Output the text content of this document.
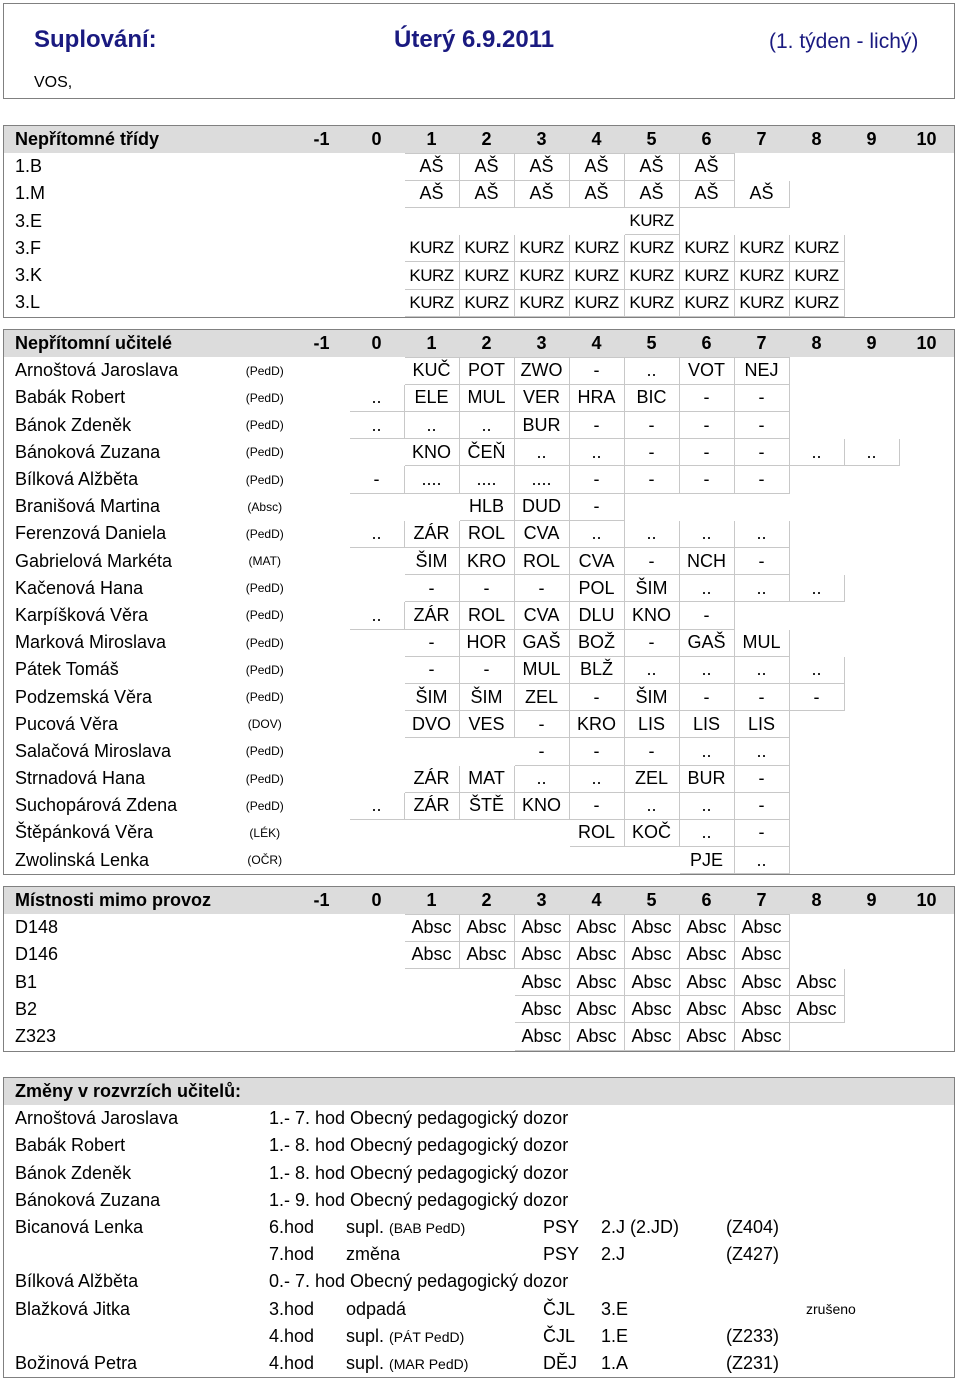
Suplování:	Úterý 6.9.2011	(1. týden - lichý)
VOS,
Nepřítomné třídy	-1	0	1	2	3	4	5	6	7	8	9	10
1.B			AŠ	AŠ	AŠ	AŠ	AŠ	AŠ				
1.M			AŠ	AŠ	AŠ	AŠ	AŠ	AŠ	AŠ			
3.E							KURZ					
3.F			KURZ	KURZ	KURZ	KURZ	KURZ	KURZ	KURZ	KURZ		
3.K			KURZ	KURZ	KURZ	KURZ	KURZ	KURZ	KURZ	KURZ		
3.L			KURZ	KURZ	KURZ	KURZ	KURZ	KURZ	KURZ	KURZ		
Nepřítomní učitelé		-1	0	1	2	3	4	5	6	7	8	9	10
Arnoštová Jaroslava	(PedD)			KUČ	POT	ZWO	-	..	VOT	NEJ			
Babák Robert	(PedD)		..	ELE	MUL	VER	HRA	BIC	-	-			
Bánok Zdeněk	(PedD)		..	..	..	BUR	-	-	-	-			
Bánoková Zuzana	(PedD)			KNO	ČEŇ	..	..	-	-	-	..	..	
Bílková Alžběta	(PedD)		-	....	....	....	-	-	-	-			
Branišová Martina	(Absc)				HLB	DUD	-						
Ferenzová Daniela	(PedD)		..	ZÁR	ROL	CVA	..	..	..	..			
Gabrielová Markéta	(MAT)			ŠIM	KRO	ROL	CVA	-	NCH	-			
Kačenová Hana	(PedD)			-	-	-	POL	ŠIM	..	..	..		
Karpíšková Věra	(PedD)		..	ZÁR	ROL	CVA	DLU	KNO	-				
Marková Miroslava	(PedD)			-	HOR	GAŠ	BOŽ	-	GAŠ	MUL			
Pátek Tomáš	(PedD)			-	-	MUL	BLŽ	..	..	..	..		
Podzemská Věra	(PedD)			ŠIM	ŠIM	ZEL	-	ŠIM	-	-	-		
Pucová Věra	(DOV)			DVO	VES	-	KRO	LIS	LIS	LIS			
Salačová Miroslava	(PedD)					-	-	-	..	..			
Strnadová Hana	(PedD)			ZÁR	MAT	..	..	ZEL	BUR	-			
Suchopárová Zdena	(PedD)		..	ZÁR	ŠTĚ	KNO	-	..	..	-			
Štěpánková Věra	(LÉK)						ROL	KOČ	..	-			
Zwolinská Lenka	(OČR)								PJE	..			
Místnosti mimo provoz	-1	0	1	2	3	4	5	6	7	8	9	10
D148			Absc	Absc	Absc	Absc	Absc	Absc	Absc			
D146			Absc	Absc	Absc	Absc	Absc	Absc	Absc			
B1					Absc	Absc	Absc	Absc	Absc	Absc		
B2					Absc	Absc	Absc	Absc	Absc	Absc		
Z323					Absc	Absc	Absc	Absc	Absc			
Změny v rozvrzích učitelů:						
Arnoštová Jaroslava	1.- 7. hod Obecný pedagogický dozor					
Babák Robert	1.- 8. hod Obecný pedagogický dozor					
Bánok Zdeněk	1.- 8. hod Obecný pedagogický dozor					
Bánoková Zuzana	1.- 9. hod Obecný pedagogický dozor					
Bicanová Lenka	6.hod	supl. (BAB PedD)	PSY	2.J (2.JD)	(Z404)	
	7.hod	změna	PSY	2.J	(Z427)	
Bílková Alžběta	0.- 7. hod Obecný pedagogický dozor					
Blažková Jitka	3.hod	odpadá	ČJL	3.E		zrušeno
	4.hod	supl. (PÁT PedD)	ČJL	1.E	(Z233)	
Božinová Petra	4.hod	supl. (MAR PedD)	DĚJ	1.A	(Z231)	
